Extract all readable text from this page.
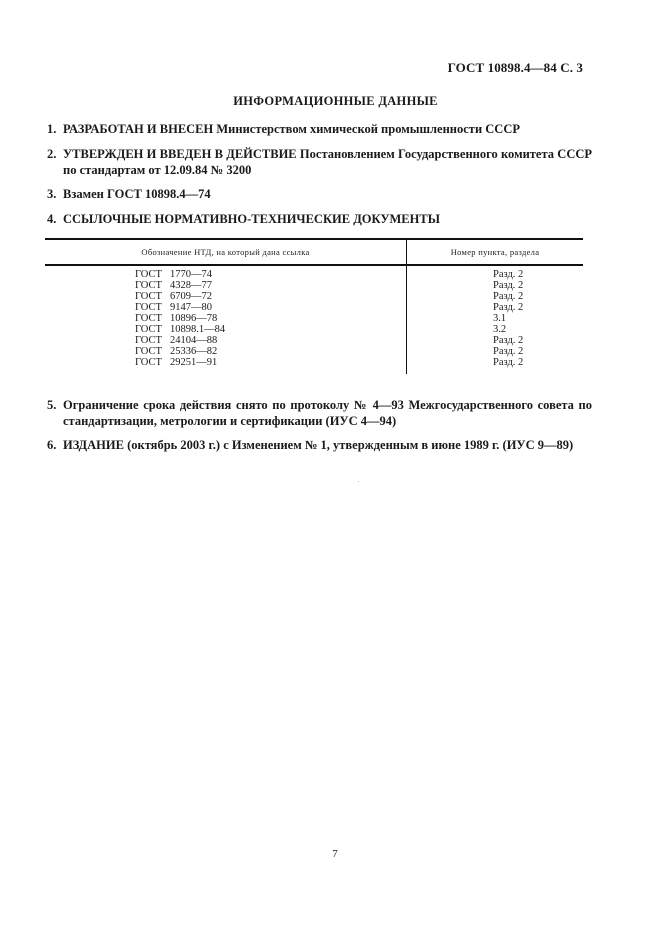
ГОСТ 10898.4—84 С. 3
ИНФОРМАЦИОННЫЕ ДАННЫЕ
1. РАЗРАБОТАН И ВНЕСЕН Министерством химической промышленности СССР
2. УТВЕРЖДЕН И ВВЕДЕН В ДЕЙСТВИЕ Постановлением Государственного комитета СССР по стандартам от 12.09.84 № 3200
3. Взамен ГОСТ 10898.4—74
4. ССЫЛОЧНЫЕ НОРМАТИВНО-ТЕХНИЧЕСКИЕ ДОКУМЕНТЫ
Обозначение НТД, на который дана ссылка	Номер пункта, раздела
ГОСТ 1770—74	Разд. 2
ГОСТ 4328—77	Разд. 2
ГОСТ 6709—72	Разд. 2
ГОСТ 9147—80	Разд. 2
ГОСТ 10896—78	3.1
ГОСТ 10898.1—84	3.2
ГОСТ 24104—88	Разд. 2
ГОСТ 25336—82	Разд. 2
ГОСТ 29251—91	Разд. 2
5. Ограничение срока действия снято по протоколу № 4—93 Межгосударственного совета по стандартизации, метрологии и сертификации (ИУС 4—94)
6. ИЗДАНИЕ (октябрь 2003 г.) с Изменением № 1, утвержденным в июне 1989 г. (ИУС 9—89)
7
